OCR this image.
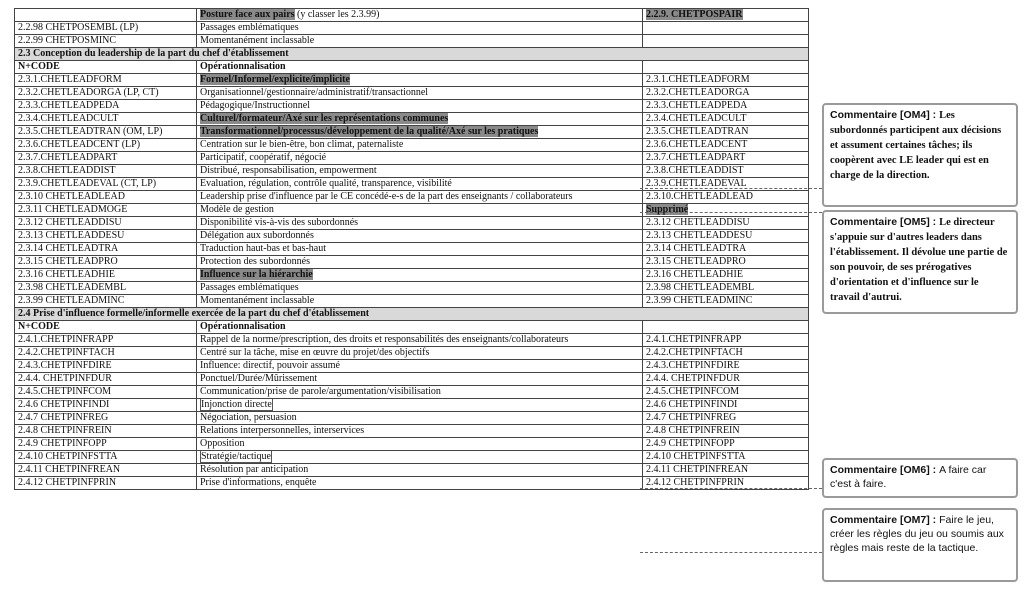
	Posture face aux pairs (y classer les 2.3.99)	2.2.9. CHETPOSPAIR
2.2.98 CHETPOSEMBL (LP)	Passages emblématiques	
2.2.99 CHETPOSMINC	Momentanément inclassable	
2.3 Conception du leadership de la part du chef d'établissement		
N+CODE	Opérationnalisation	
2.3.1.CHETLEADFORM	Formel/Informel/explicite/implicite	2.3.1.CHETLEADFORM
2.3.2.CHETLEADORGA (LP, CT)	Organisationnel/gestionnaire/administratif/transactionnel	2.3.2.CHETLEADORGA
2.3.3.CHETLEADPEDA	Pédagogique/Instructionnel	2.3.3.CHETLEADPEDA
2.3.4.CHETLEADCULT	Culturel/formateur/Axé sur les représentations communes	2.3.4.CHETLEADCULT
2.3.5.CHETLEADTRAN (OM, LP)	Transformationnel/processus/développement de la qualité/Axé sur les pratiques	2.3.5.CHETLEADTRAN
2.3.6.CHETLEADCENT (LP)	Centration sur le bien-être, bon climat, paternaliste	2.3.6.CHETLEADCENT
2.3.7.CHETLEADPART	Participatif, coopératif, négocié	2.3.7.CHETLEADPART
2.3.8.CHETLEADDIST	Distribué, responsabilisation, empowerment	2.3.8.CHETLEADDIST
2.3.9.CHETLEADEVAL (CT, LP)	Evaluation, régulation, contrôle qualité, transparence, visibilité	2.3.9.CHETLEADEVAL
2.3.10 CHETLEADLEAD	Leadership prise d'influence par le CE concédé-e-s de la part des enseignants / collaborateurs	2.3.10.CHETLEADLEAD
2.3.11 CHETLEADMOGE	Modèle de gestion	Supprimé
2.3.12 CHETLEADDISU	Disponibilité vis-à-vis des subordonnés	2.3.12 CHETLEADDISU
2.3.13 CHETLEADDESU	Délégation aux subordonnés	2.3.13 CHETLEADDESU
2.3.14 CHETLEADTRA	Traduction haut-bas et bas-haut	2.3.14 CHETLEADTRA
2.3.15 CHETLEADPRO	Protection des subordonnés	2.3.15 CHETLEADPRO
2.3.16 CHETLEADHIE	Influence sur la hiérarchie	2.3.16 CHETLEADHIE
2.3.98 CHETLEADEMBL	Passages emblématiques	2.3.98 CHETLEADEMBL
2.3.99 CHETLEADMINC	Momentanément inclassable	2.3.99 CHETLEADMINC
2.4 Prise d'influence formelle/informelle exercée de la part du chef d'établissement		
N+CODE	Opérationnalisation	
2.4.1.CHETPINFRAPP	Rappel de la norme/prescription, des droits et responsabilités des enseignants/collaborateurs	2.4.1.CHETPINFRAPP
2.4.2.CHETPINFTACH	Centré sur la tâche, mise en œuvre du projet/des objectifs	2.4.2.CHETPINFTACH
2.4.3.CHETPINFDIRE	Influence: directif, pouvoir assumé	2.4.3.CHETPINFDIRE
2.4.4. CHETPINFDUR	Ponctuel/Durée/Mûrissement	2.4.4. CHETPINFDUR
2.4.5.CHETPINFCOM	Communication/prise de parole/argumentation/visibilisation	2.4.5.CHETPINFCOM
2.4.6 CHETPINFINDI	Injonction directe	2.4.6 CHETPINFINDI
2.4.7 CHETPINFREG	Négociation, persuasion	2.4.7 CHETPINFREG
2.4.8 CHETPINFREIN	Relations interpersonnelles, interservices	2.4.8 CHETPINFREIN
2.4.9 CHETPINFOPP	Opposition	2.4.9 CHETPINFOPP
2.4.10 CHETPINFSTTA	Stratégie/tactique	2.4.10 CHETPINFSTTA
2.4.11 CHETPINFREAN	Résolution par anticipation	2.4.11 CHETPINFREAN
2.4.12 CHETPINFPRIN	Prise d'informations, enquête	2.4.12 CHETPINFPRIN
Commentaire [OM4] : Les subordonnés participent aux décisions et assument certaines tâches; ils coopèrent avec LE leader qui est en charge de la direction.
Commentaire [OM5] : Le directeur s'appuie sur d'autres leaders dans l'établissement. Il dévolue une partie de son pouvoir, de ses prérogatives d'orientation et d'influence sur le travail d'autrui.
Commentaire [OM6] : A faire car c'est à faire.
Commentaire [OM7] : Faire le jeu, créer les règles du jeu ou soumis aux règles mais reste de la tactique.
